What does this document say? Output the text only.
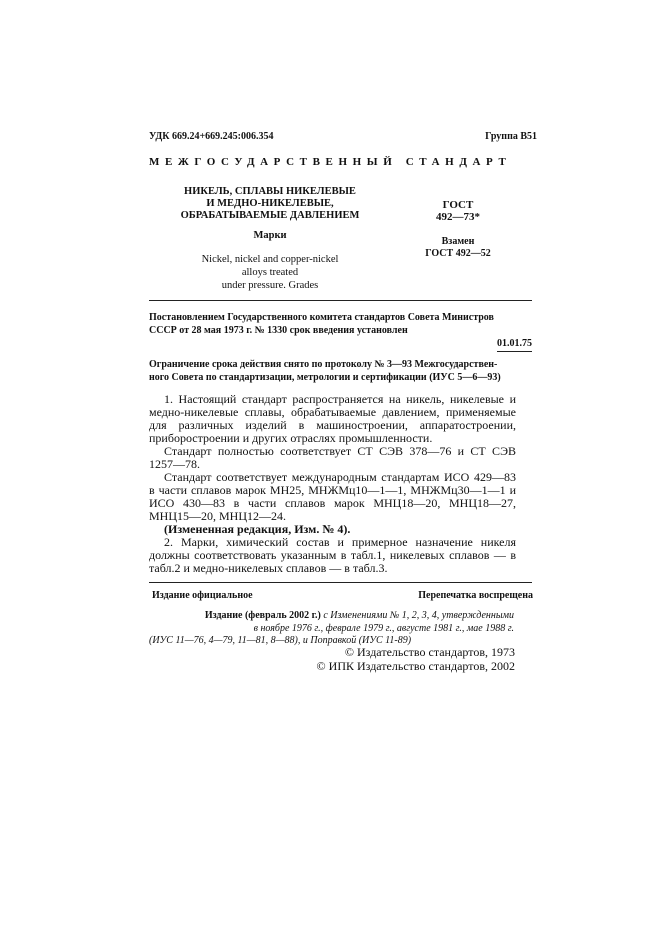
УДК 669.24+669.245:006.354	Группа В51
МЕЖГОСУДАРСТВЕННЫЙ СТАНДАРТ
НИКЕЛЬ, СПЛАВЫ НИКЕЛЕВЫЕ
И МЕДНО-НИКЕЛЕВЫЕ,
ОБРАБАТЫВАЕМЫЕ ДАВЛЕНИЕМ
Марки
Nickel, nickel and copper-nickel
alloys treated
under pressure. Grades
ГОСТ
492—73*
Взамен
ГОСТ 492—52
Постановлением Государственного комитета стандартов Совета Министров
СССР от 28 мая 1973 г. № 1330 срок введения установлен
01.01.75
Ограничение срока действия снято по протоколу № 3—93 Межгосударствен-
ного Совета по стандартизации, метрологии и сертификации (ИУС 5—6—93)

1. Настоящий стандарт распространяется на никель, никелевые и медно-никелевые сплавы, обрабатываемые давлением, применяемые для различных изделий в машиностроении, аппаратостроении, приборостроении и других отраслях промышленности.

Стандарт полностью соответствует СТ СЭВ 378—76 и СТ СЭВ 1257—78.

Стандарт соответствует международным стандартам ИСО 429—83 в части сплавов марок МН25, МНЖМц10—1—1, МНЖМц30—1—1 и ИСО 430—83 в части сплавов марок МНЦ18—20, МНЦ18—27, МНЦ15—20, МНЦ12—24.

(Измененная редакция, Изм. № 4).

2. Марки, химический состав и примерное назначение никеля должны соответствовать указанным в табл.1, никелевых сплавов — в табл.2 и медно-никелевых сплавов — в табл.3.

Издание официальное	Перепечатка воспрещена
Издание (февраль 2002 г.) с Изменениями № 1, 2, 3, 4, утвержденными
в ноябре 1976 г., феврале 1979 г., августе 1981 г., мае 1988 г.
(ИУС 11—76, 4—79, 11—81, 8—88), и Поправкой (ИУС 11-89)
© Издательство стандартов, 1973
© ИПК Издательство стандартов, 2002
